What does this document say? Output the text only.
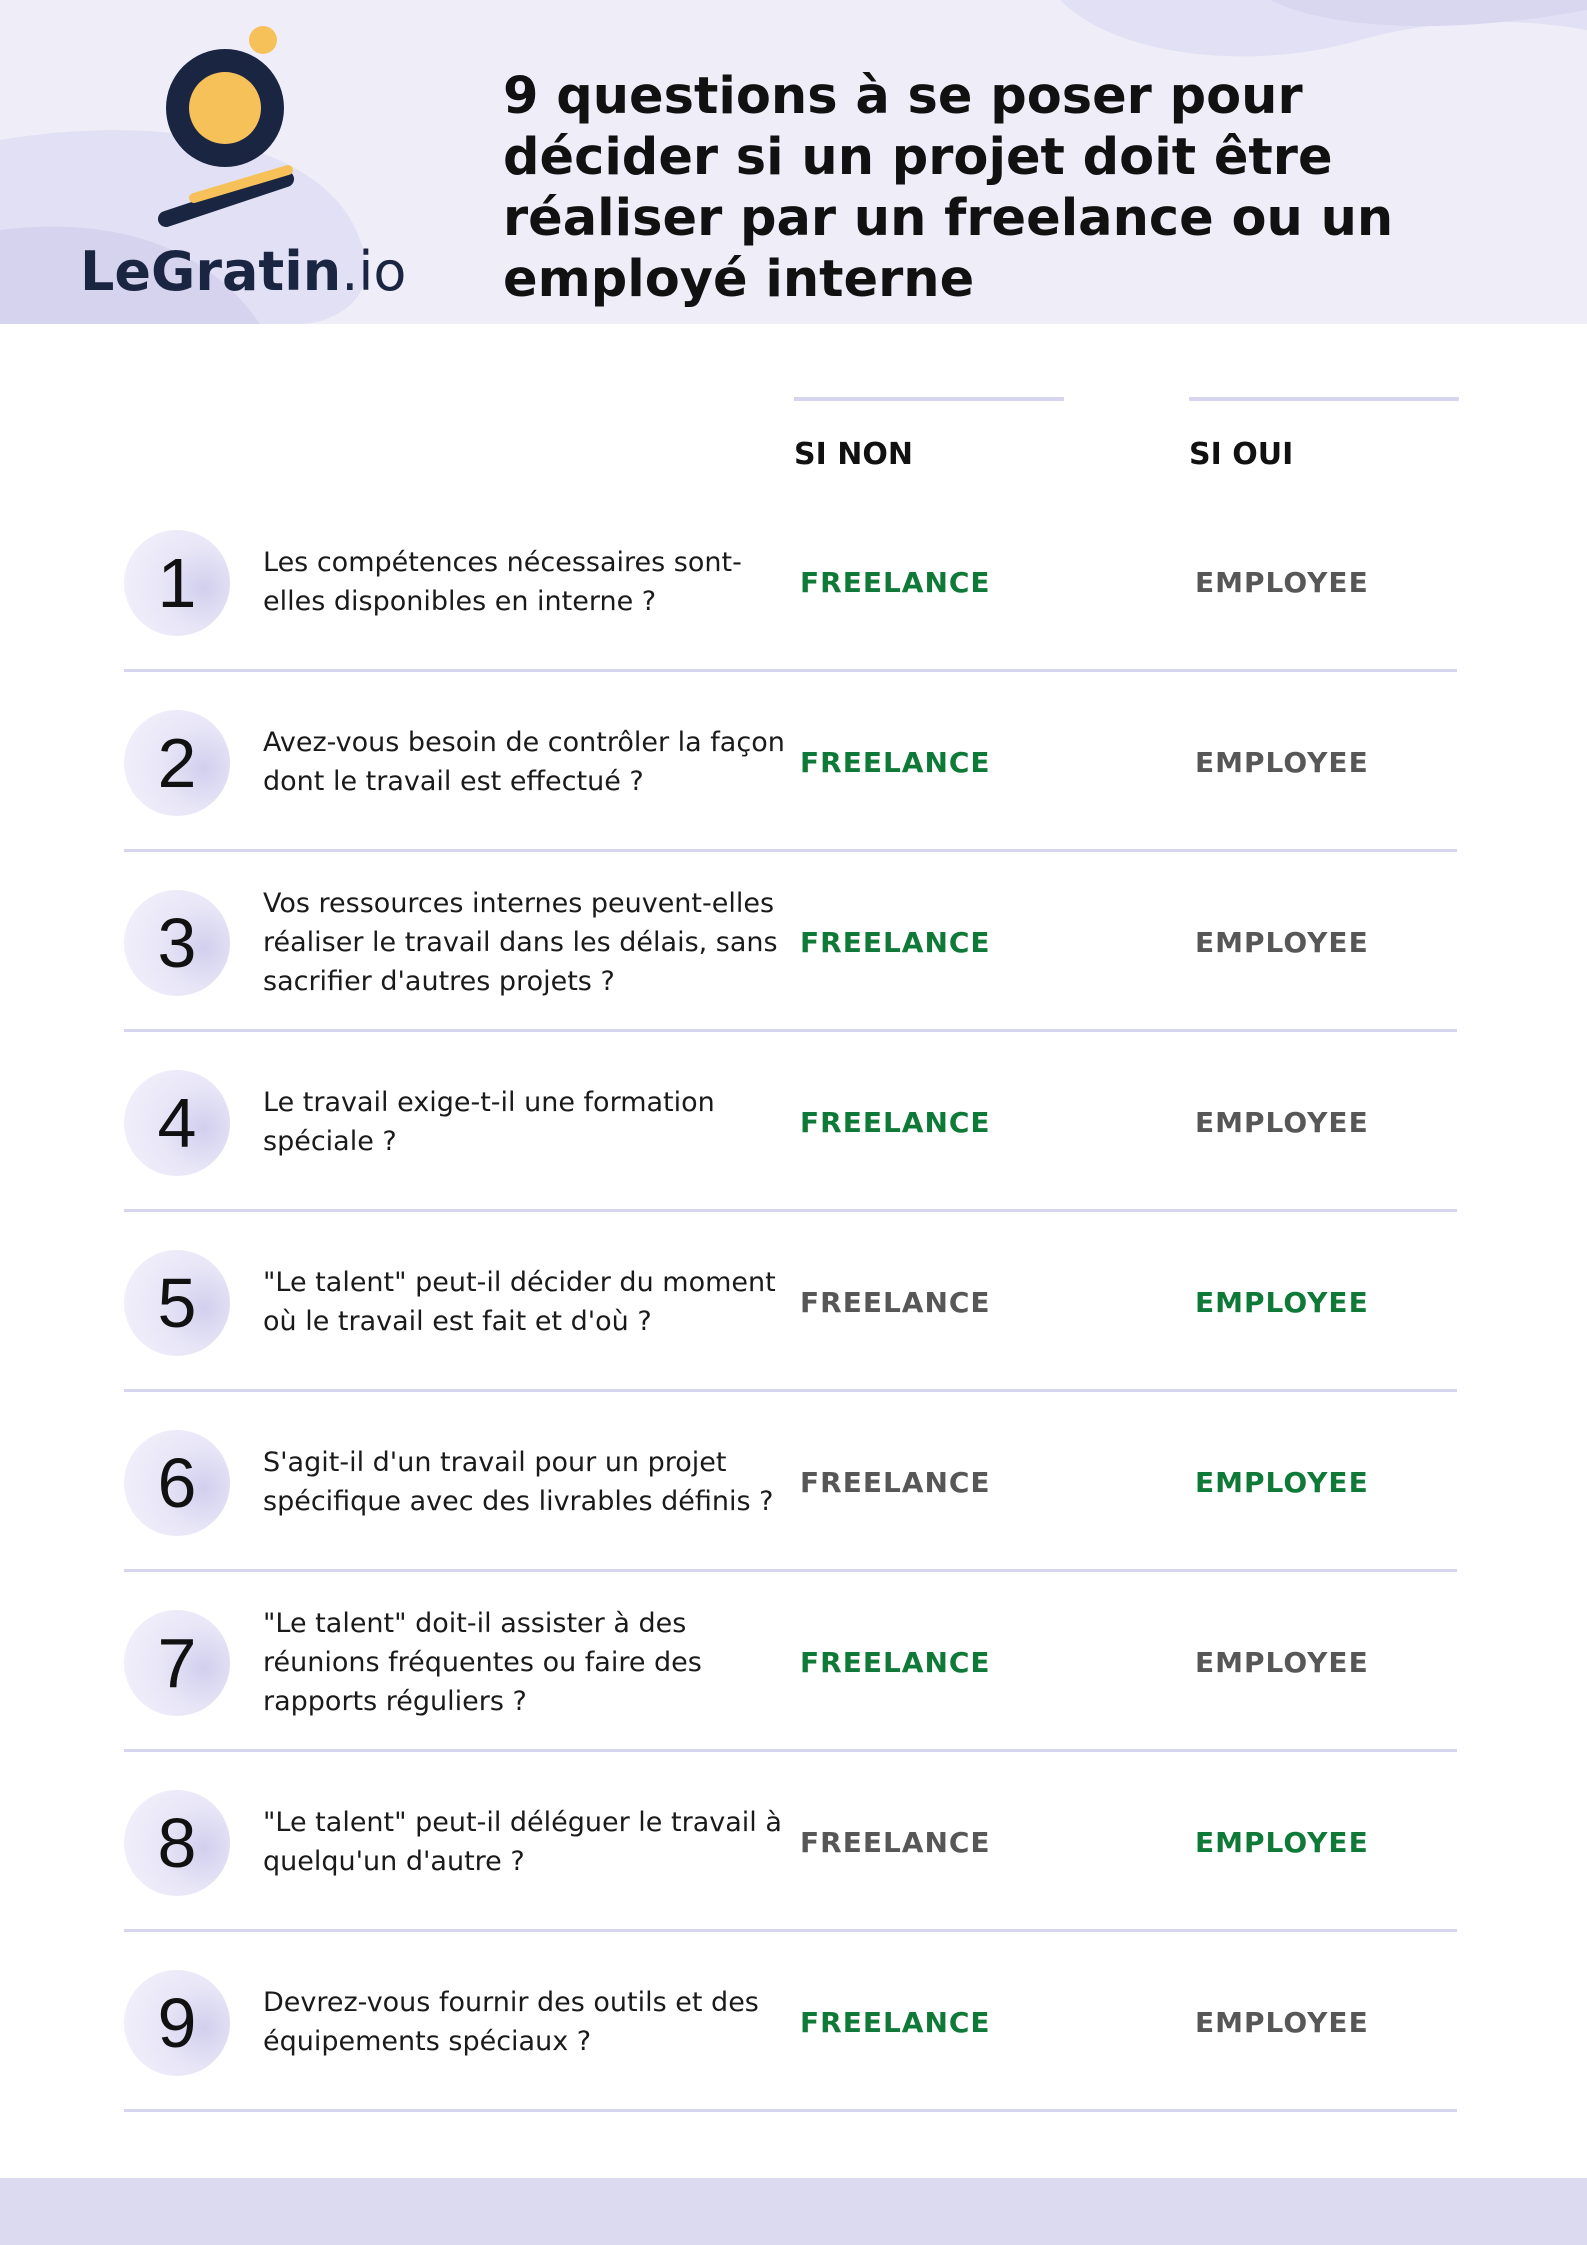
LeGratin.io
9 questions à se poser pour décider si un projet doit être réaliser par un freelance ou un employé interne
SI NON	SI OUI
1 Les compétences nécessaires sont-elles disponibles en interne ?
FREELANCE	EMPLOYEE
2 Avez-vous besoin de contrôler la façon dont le travail est effectué ?
FREELANCE	EMPLOYEE
3
Vos ressources internes peuvent-elles réaliser le travail dans les délais, sans sacrifier d'autres projets ?
FREELANCE	EMPLOYEE
4 Le travail exige-t-il une formation spéciale ?
FREELANCE	EMPLOYEE
5 "Le talent" peut-il décider du moment où le travail est fait et d'où ?
FREELANCE	EMPLOYEE
6 S'agit-il d'un travail pour un projet spécifique avec des livrables définis ?
FREELANCE	EMPLOYEE
7
"Le talent" doit-il assister à des réunions fréquentes ou faire des rapports réguliers ?
FREELANCE	EMPLOYEE
8 "Le talent" peut-il déléguer le travail à quelqu'un d'autre ?
FREELANCE	EMPLOYEE
9 Devrez-vous fournir des outils et des équipements spéciaux ?
FREELANCE	EMPLOYEE
